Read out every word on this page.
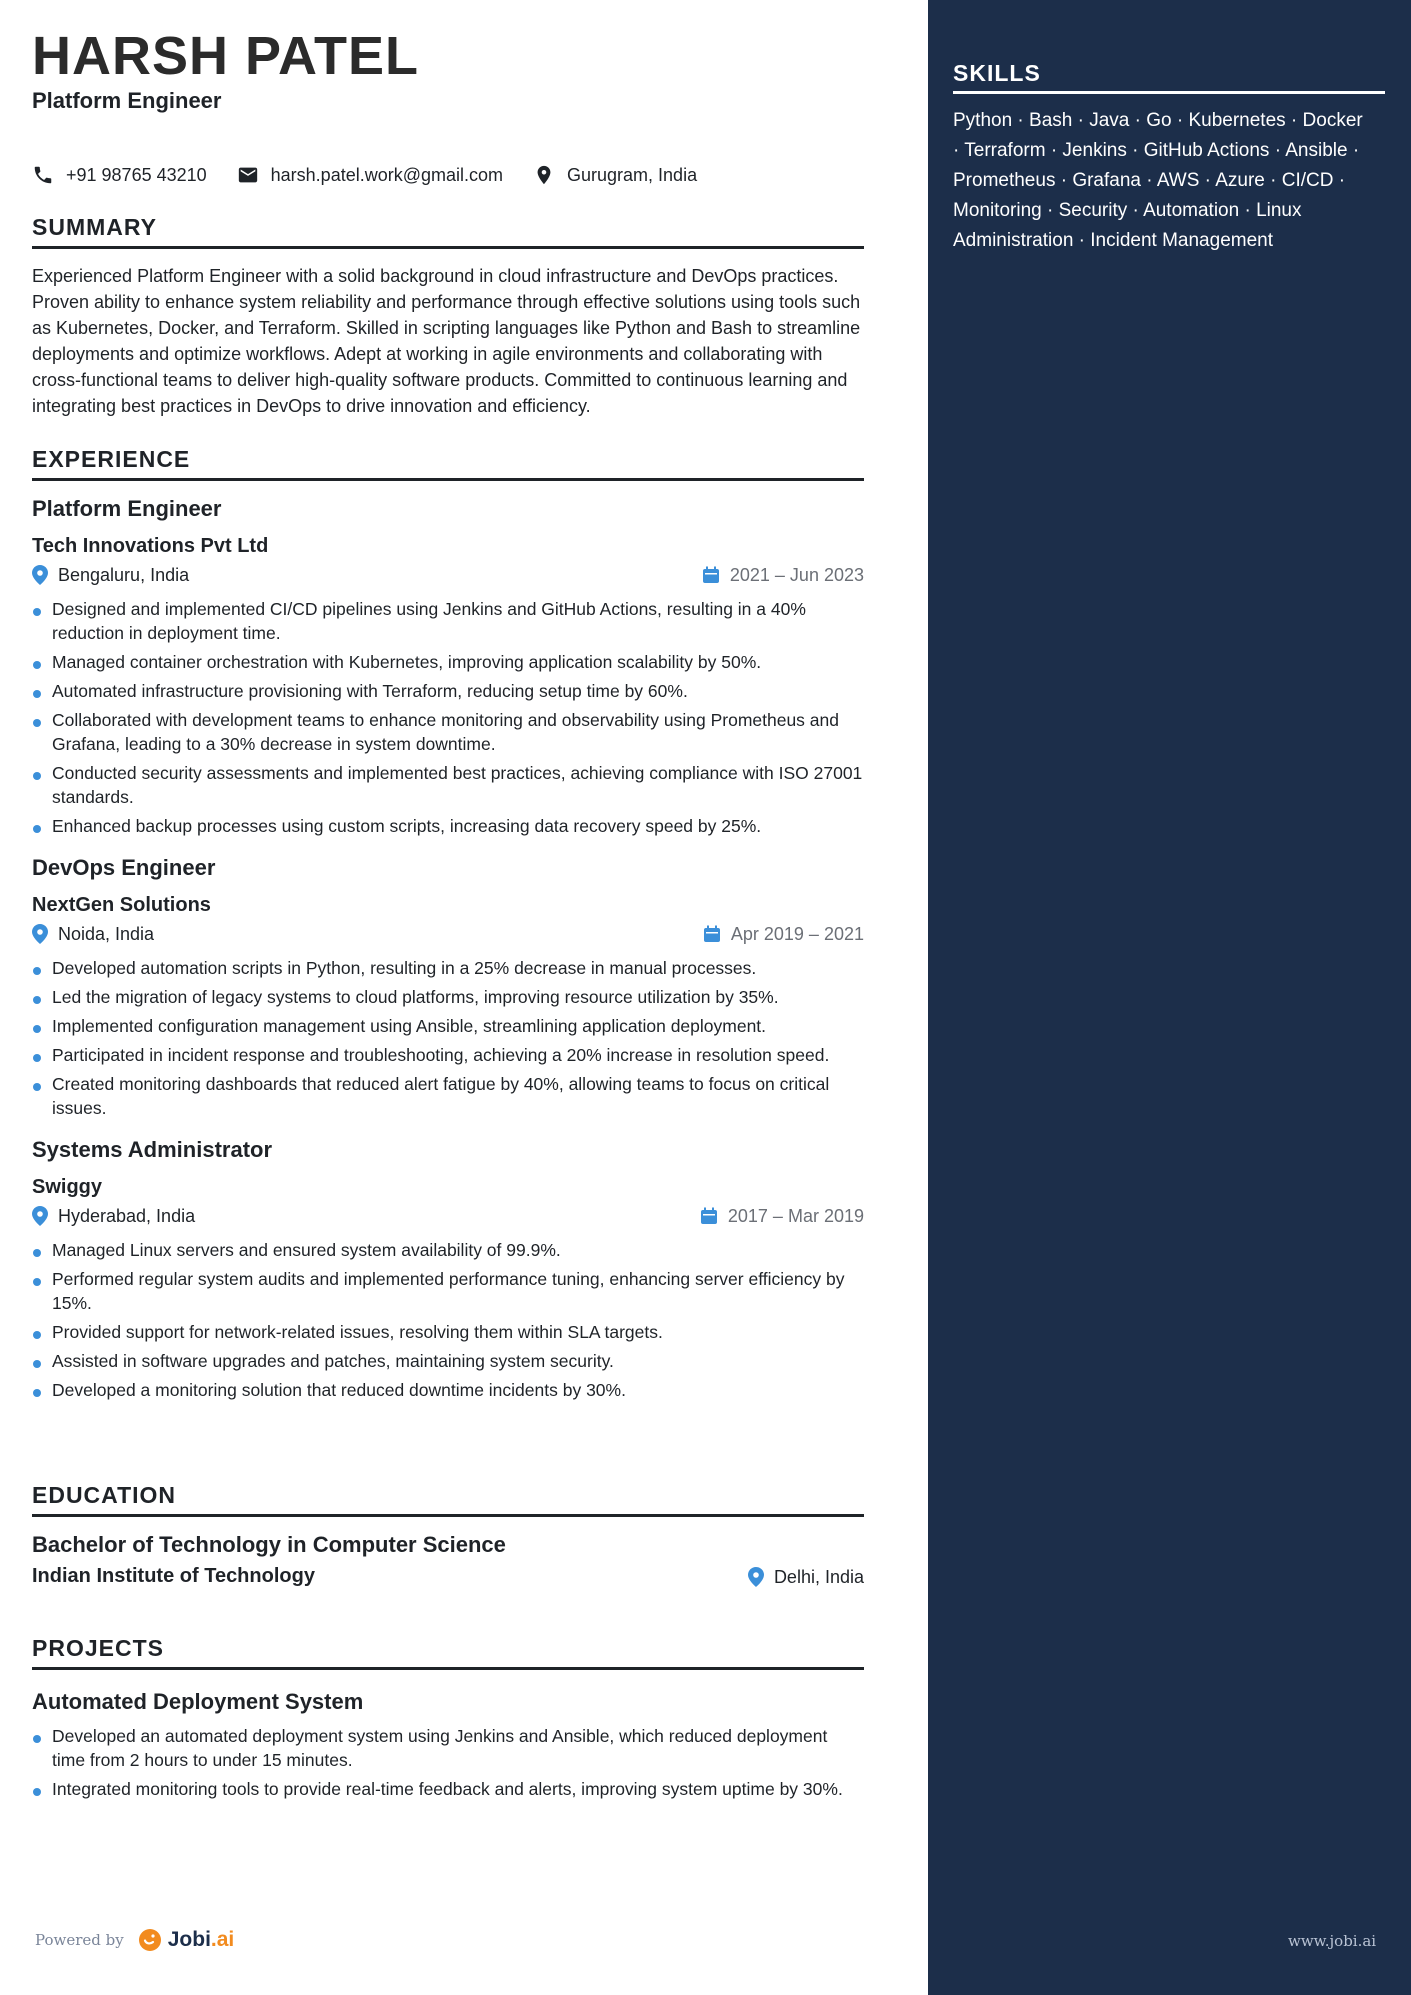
HARSH PATEL
Platform Engineer
+91 98765 43210	harsh.patel.work@gmail.com	Gurugram, India
SUMMARY
Experienced Platform Engineer with a solid background in cloud infrastructure and DevOps practices. Proven ability to enhance system reliability and performance through effective solutions using tools such as Kubernetes, Docker, and Terraform. Skilled in scripting languages like Python and Bash to streamline deployments and optimize workflows. Adept at working in agile environments and collaborating with cross-functional teams to deliver high-quality software products. Committed to continuous learning and integrating best practices in DevOps to drive innovation and efficiency.
EXPERIENCE
Platform Engineer
Tech Innovations Pvt Ltd
Bengaluru, India	2021 – Jun 2023
Designed and implemented CI/CD pipelines using Jenkins and GitHub Actions, resulting in a 40% reduction in deployment time.
Managed container orchestration with Kubernetes, improving application scalability by 50%.
Automated infrastructure provisioning with Terraform, reducing setup time by 60%.
Collaborated with development teams to enhance monitoring and observability using Prometheus and Grafana, leading to a 30% decrease in system downtime.
Conducted security assessments and implemented best practices, achieving compliance with ISO 27001 standards.
Enhanced backup processes using custom scripts, increasing data recovery speed by 25%.
DevOps Engineer
NextGen Solutions
Noida, India	Apr 2019 – 2021
Developed automation scripts in Python, resulting in a 25% decrease in manual processes.
Led the migration of legacy systems to cloud platforms, improving resource utilization by 35%.
Implemented configuration management using Ansible, streamlining application deployment.
Participated in incident response and troubleshooting, achieving a 20% increase in resolution speed.
Created monitoring dashboards that reduced alert fatigue by 40%, allowing teams to focus on critical issues.
Systems Administrator
Swiggy
Hyderabad, India	2017 – Mar 2019
Managed Linux servers and ensured system availability of 99.9%.
Performed regular system audits and implemented performance tuning, enhancing server efficiency by 15%.
Provided support for network-related issues, resolving them within SLA targets.
Assisted in software upgrades and patches, maintaining system security.
Developed a monitoring solution that reduced downtime incidents by 30%.
EDUCATION
Bachelor of Technology in Computer Science
Indian Institute of Technology	Delhi, India
PROJECTS
Automated Deployment System
Developed an automated deployment system using Jenkins and Ansible, which reduced deployment time from 2 hours to under 15 minutes.
Integrated monitoring tools to provide real-time feedback and alerts, improving system uptime by 30%.
Powered by Jobi .ai
SKILLS
Python · Bash · Java · Go · Kubernetes · Docker · Terraform · Jenkins · GitHub Actions · Ansible · Prometheus · Grafana · AWS · Azure · CI/CD · Monitoring · Security · Automation · Linux Administration · Incident Management
www.jobi.ai
